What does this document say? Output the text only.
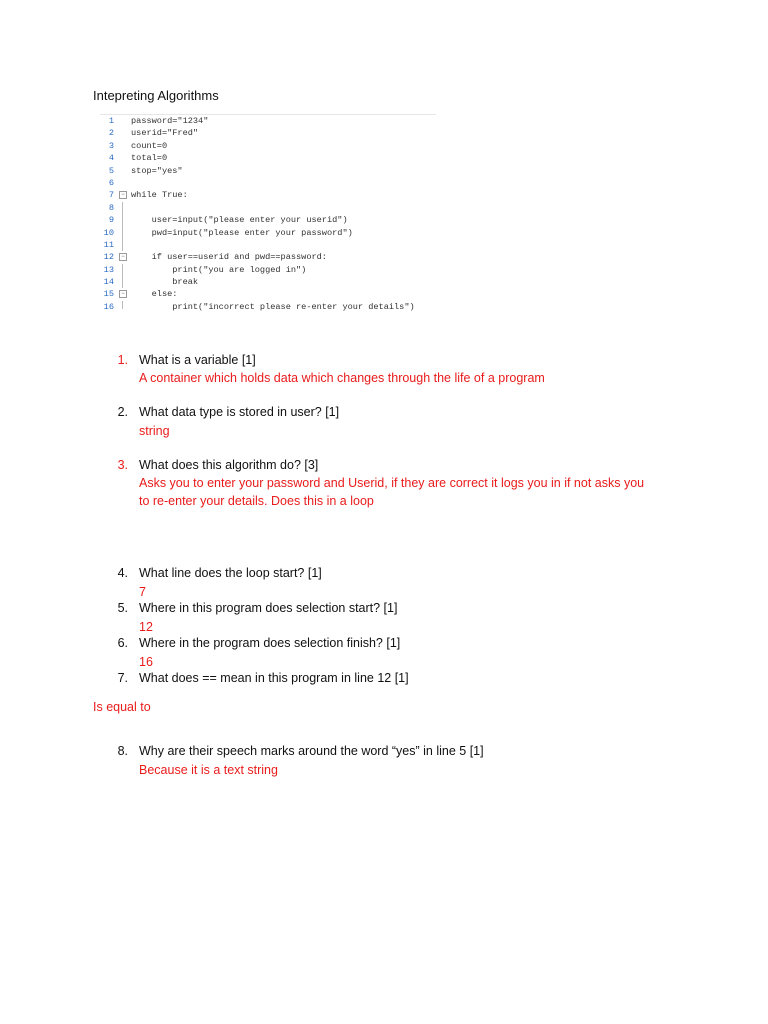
Intepreting Algorithms
1 password="1234"
2 userid="Fred"
3 count=0
4 total=0
5 stop="yes"
6
7 − while True:
8
9 user=input("please enter your userid")
10 pwd=input("please enter your password")
11
12 − if user==userid and pwd==password:
13 print("you are logged in")
14 break
15 − else:
16 print("incorrect please re-enter your details")
1. What is a variable [1]
A container which holds data which changes through the life of a program
2. What data type is stored in user? [1]
string
3. What does this algorithm do? [3]
Asks you to enter your password and Userid, if they are correct it logs you in if not asks you
to re-enter your details. Does this in a loop
4. What line does the loop start? [1]
7
5. Where in this program does selection start? [1]
12
6. Where in the program does selection finish? [1]
16
7. What does == mean in this program in line 12 [1]
Is equal to
8. Why are their speech marks around the word “yes” in line 5 [1]
Because it is a text string
